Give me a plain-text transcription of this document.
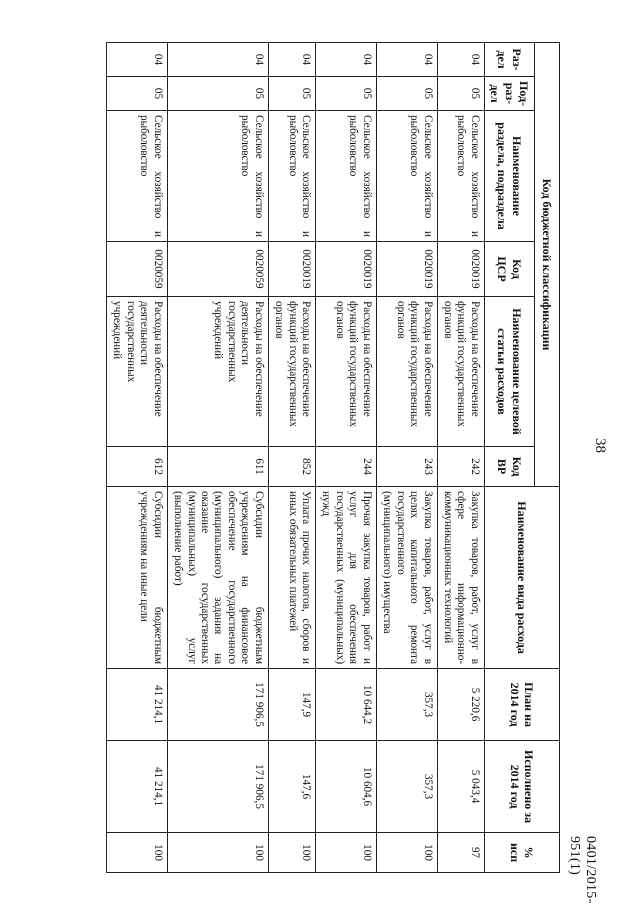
38
Код бюджетной классификации						Наименование вида расхода	План на 2014 год	Исполнено за 2014 год	% исп
Раз-дел	Под-раз-дел	Наименование раздела, подраздела	Код ЦСР	Наименование целевой статьи расходов	Код ВР				
04	05	Сельское хозяйство и рыболовство	0020019	Расходы на обеспечение функций государственных органов	242	Закупка товаров, работ, услуг в сфере информационно-коммуникационных технологий	5 220,6	5 043,4	97
04	05	Сельское хозяйство и рыболовство	0020019	Расходы на обеспечение функций государственных органов	243	Закупка товаров, работ, услуг в целях капитального ремонта государственного (муниципального) имущества	357,3	357,3	100
04	05	Сельское хозяйство и рыболовство	0020019	Расходы на обеспечение функций государственных органов	244	Прочая закупка товаров, работ и услуг для обеспечения государственных (муниципальных) нужд	10 644,2	10 604,6	100
04	05	Сельское хозяйство и рыболовство	0020019	Расходы на обеспечение функций государственных органов	852	Уплата прочих налогов, сборов и иных обязательных платежей	147,9	147,6	100
04	05	Сельское хозяйство и рыболовство	0020059	Расходы на обеспечение деятельности государственных учреждений	611	Субсидии бюджетным учреждениям на финансовое обеспечение государственного (муниципального) задания на оказание государственных (муниципальных) услуг (выполнение работ)	171 906,5	171 906,5	100
04	05	Сельское хозяйство и рыболовство	0020059	Расходы на обеспечение деятельности государственных учреждений	612	Субсидии бюджетным учреждениям на иные цели	41 214,1	41 214,1	100	0401/2015-951(1)
